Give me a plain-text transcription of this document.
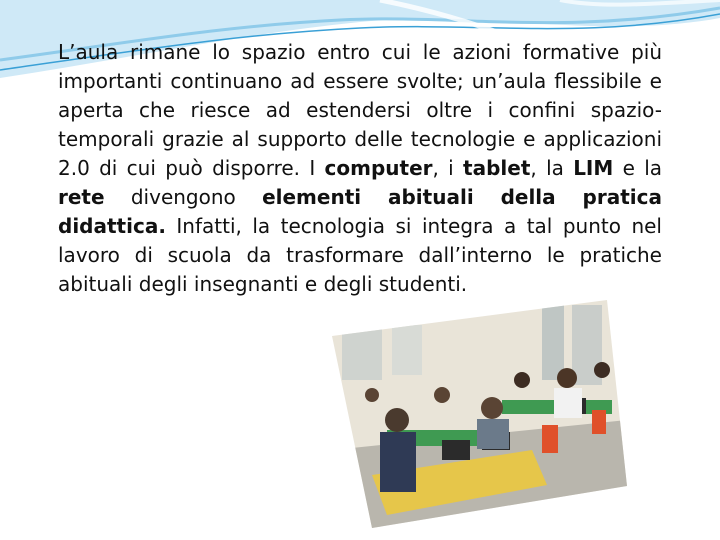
L’aula rimane lo spazio entro cui le azioni formative più importanti continuano ad essere svolte; un’aula flessibile e aperta che riesce ad estendersi oltre i confini spazio-temporali grazie al supporto delle tecnologie e applicazioni 2.0 di cui può disporre. I computer, i tablet, la LIM e la rete divengono elementi abituali della pratica didattica. Infatti, la tecnologia si integra a tal punto nel lavoro di scuola da trasformare dall’interno le pratiche abituali degli insegnanti e degli studenti.
